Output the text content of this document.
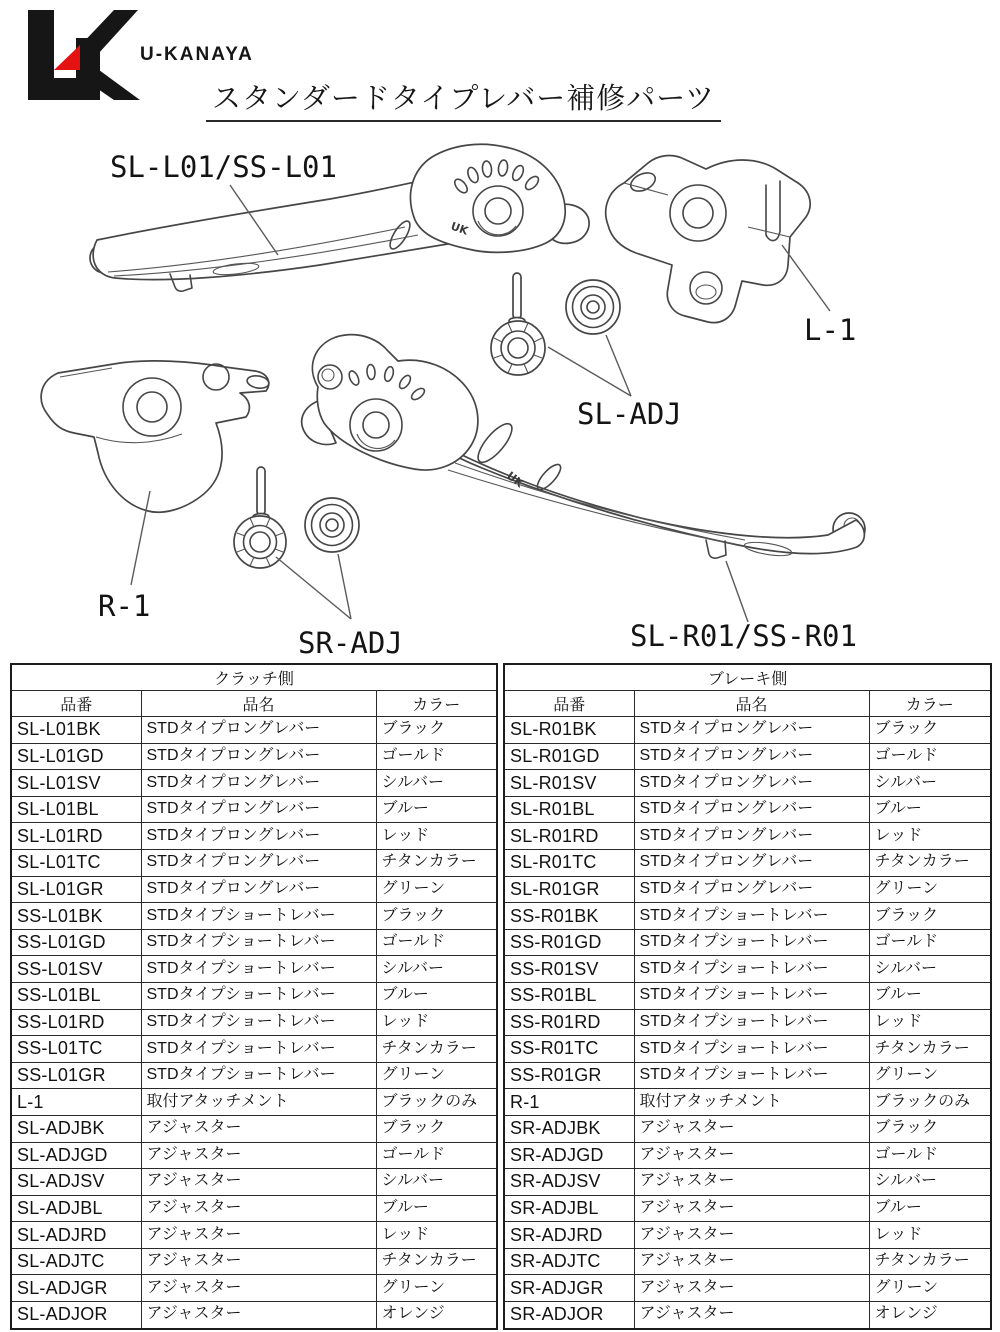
U-KANAYA
スタンダードタイプレバー補修パーツ
UK
UK
SL-L01/SS-L01
L-1
SL-ADJ
R-1
SR-ADJ	SL-R01/SS-R01
クラッチ側		
品番	品名	カラー
SL-L01BK	STDタイプロングレバー	ブラック
SL-L01GD	STDタイプロングレバー	ゴールド
SL-L01SV	STDタイプロングレバー	シルバー
SL-L01BL	STDタイプロングレバー	ブルー
SL-L01RD	STDタイプロングレバー	レッド
SL-L01TC	STDタイプロングレバー	チタンカラー
SL-L01GR	STDタイプロングレバー	グリーン
SS-L01BK	STDタイプショートレバー	ブラック
SS-L01GD	STDタイプショートレバー	ゴールド
SS-L01SV	STDタイプショートレバー	シルバー
SS-L01BL	STDタイプショートレバー	ブルー
SS-L01RD	STDタイプショートレバー	レッド
SS-L01TC	STDタイプショートレバー	チタンカラー
SS-L01GR	STDタイプショートレバー	グリーン
L-1	取付アタッチメント	ブラックのみ
SL-ADJBK	アジャスター	ブラック
SL-ADJGD	アジャスター	ゴールド
SL-ADJSV	アジャスター	シルバー
SL-ADJBL	アジャスター	ブルー
SL-ADJRD	アジャスター	レッド
SL-ADJTC	アジャスター	チタンカラー
SL-ADJGR	アジャスター	グリーン
SL-ADJOR	アジャスター	オレンジ
ブレーキ側		
品番	品名	カラー
SL-R01BK	STDタイプロングレバー	ブラック
SL-R01GD	STDタイプロングレバー	ゴールド
SL-R01SV	STDタイプロングレバー	シルバー
SL-R01BL	STDタイプロングレバー	ブルー
SL-R01RD	STDタイプロングレバー	レッド
SL-R01TC	STDタイプロングレバー	チタンカラー
SL-R01GR	STDタイプロングレバー	グリーン
SS-R01BK	STDタイプショートレバー	ブラック
SS-R01GD	STDタイプショートレバー	ゴールド
SS-R01SV	STDタイプショートレバー	シルバー
SS-R01BL	STDタイプショートレバー	ブルー
SS-R01RD	STDタイプショートレバー	レッド
SS-R01TC	STDタイプショートレバー	チタンカラー
SS-R01GR	STDタイプショートレバー	グリーン
R-1	取付アタッチメント	ブラックのみ
SR-ADJBK	アジャスター	ブラック
SR-ADJGD	アジャスター	ゴールド
SR-ADJSV	アジャスター	シルバー
SR-ADJBL	アジャスター	ブルー
SR-ADJRD	アジャスター	レッド
SR-ADJTC	アジャスター	チタンカラー
SR-ADJGR	アジャスター	グリーン
SR-ADJOR	アジャスター	オレンジ
